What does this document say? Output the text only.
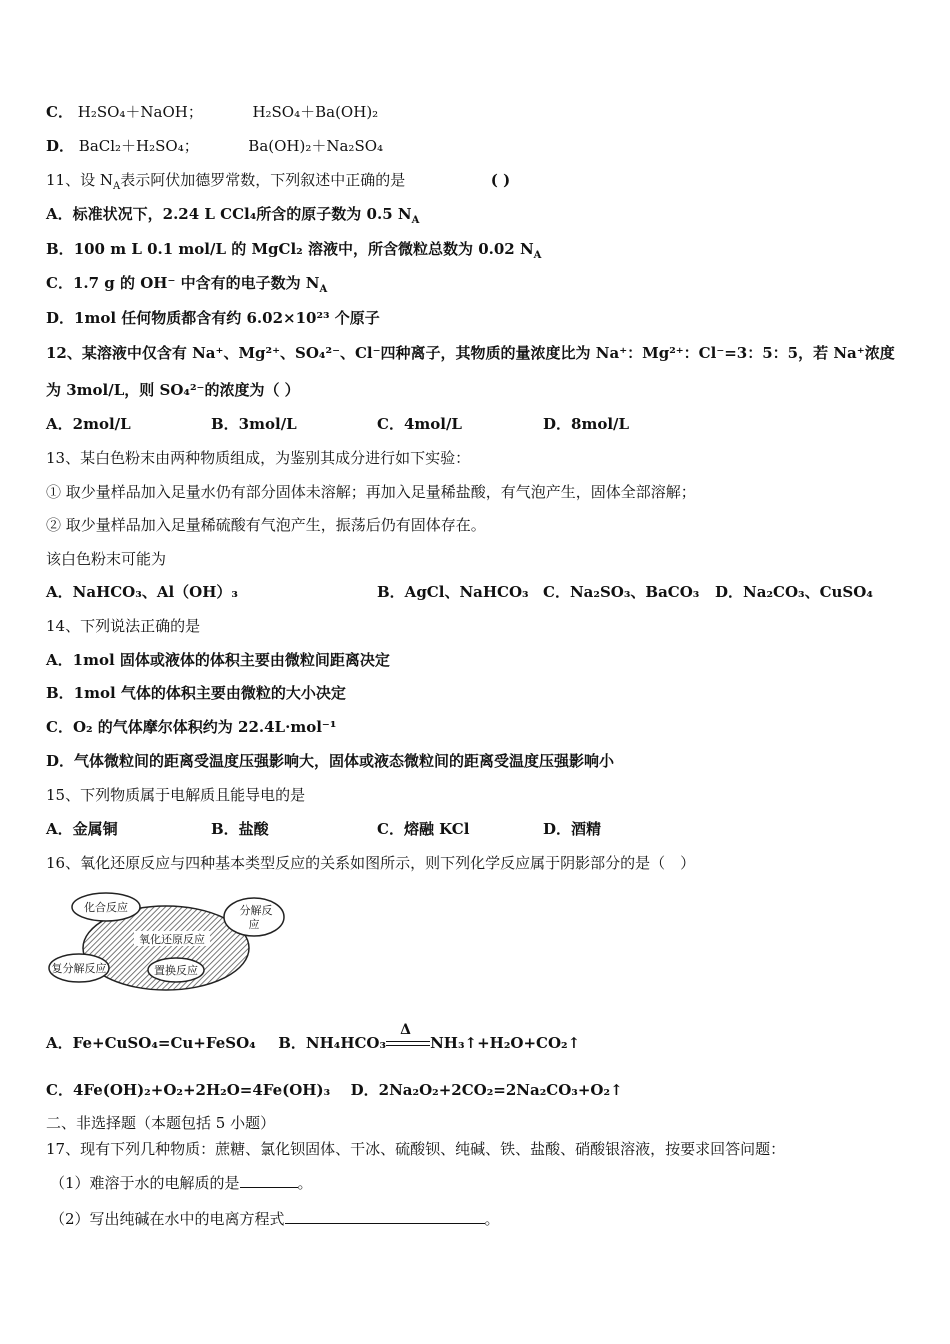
C． H₂SO₄＋NaOH；	H₂SO₄＋Ba(OH)₂
D． BaCl₂＋H₂SO₄；	Ba(OH)₂＋Na₂SO₄
11、设 $N_A$表示阿伏加德罗常数，下列叙述中正确的是	( )
A．标准状况下，2.24 L CCl₄所含的原子数为 0.5 $N_A$
B．100 m L 0.1 mol/L 的 MgCl₂ 溶液中，所含微粒总数为 0.02 $N_A$
C．1.7 g 的 OH⁻ 中含有的电子数为 $N_A$
D．1mol 任何物质都含有约 6.02×10²³ 个原子
12、某溶液中仅含有 Na⁺、Mg²⁺、SO₄²⁻、Cl⁻四种离子，其物质的量浓度比为 Na⁺：Mg²⁺：Cl⁻=3：5：5，若 Na⁺浓度
为 3mol/L，则 SO₄²⁻的浓度为（ ）
A．2mol/L	B．3mol/L	C．4mol/L	D．8mol/L
13、某白色粉末由两种物质组成，为鉴别其成分进行如下实验：
① 取少量样品加入足量水仍有部分固体未溶解；再加入足量稀盐酸，有气泡产生，固体全部溶解；
② 取少量样品加入足量稀硫酸有气泡产生，振荡后仍有固体存在。
该白色粉末可能为
A．NaHCO₃、Al（OH）₃	B．AgCl、NaHCO₃ C．Na₂SO₃、BaCO₃ D．Na₂CO₃、CuSO₄
14、下列说法正确的是
A．1mol 固体或液体的体积主要由微粒间距离决定
B．1mol 气体的体积主要由微粒的大小决定
C．O₂ 的气体摩尔体积约为 22.4L·mol⁻¹
D．气体微粒间的距离受温度压强影响大，固体或液态微粒间的距离受温度压强影响小
15、下列物质属于电解质且能导电的是
A．金属铜	B．盐酸	C．熔融 KCl	D．酒精
16、氧化还原反应与四种基本类型反应的关系如图所示，则下列化学反应属于阴影部分的是（　）
化合反应	分解反
应
氧化还原反应
复分解反应	置换反应
A．Fe+CuSO₄=Cu+FeSO₄ B．NH₄HCO₃
Δ
NH₃↑+H₂O+CO₂↑
C．4Fe(OH)₂+O₂+2H₂O=4Fe(OH)₃ D．2Na₂O₂+2CO₂=2Na₂CO₃+O₂↑
二、非选择题（本题包括 5 小题）
17、现有下列几种物质：蔗糖、氯化钡固体、干冰、硫酸钡、纯碱、铁、盐酸、硝酸银溶液，按要求回答问题：
（1）难溶于水的电解质的是	。
（2）写出纯碱在水中的电离方程式	。
